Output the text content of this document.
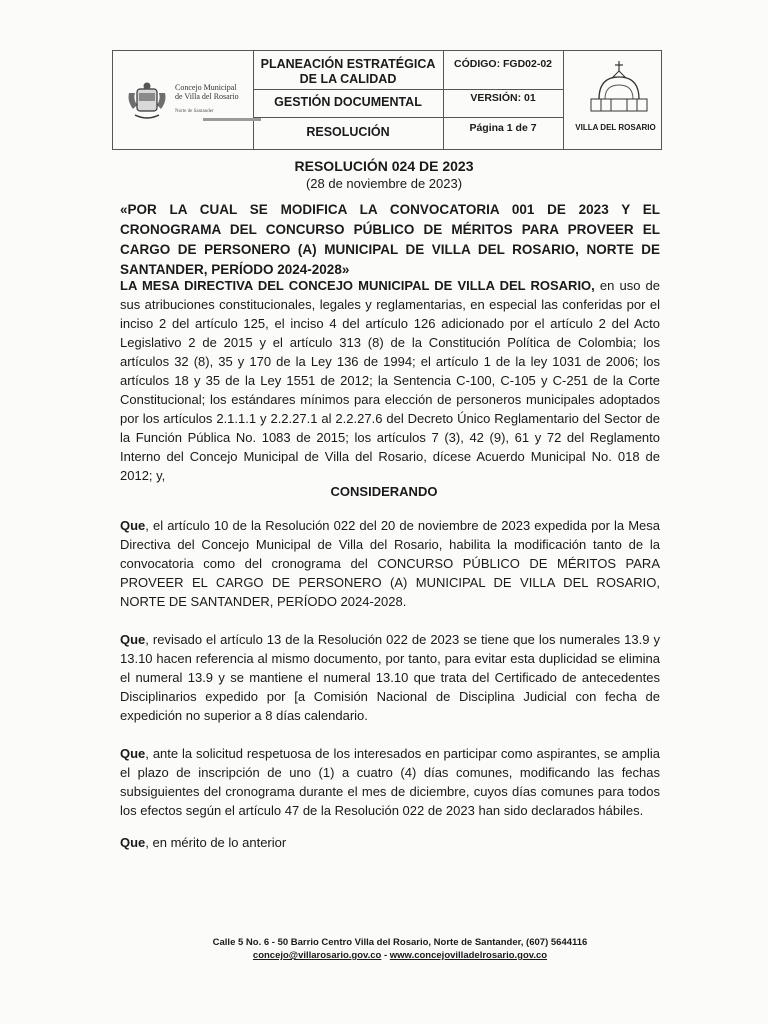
Concejo Municipal
de Villa del Rosario
Norte de Santander
PLANEACIÓN ESTRATÉGICA
DE LA CALIDAD
CÓDIGO: FGD02-02
GESTIÓN DOCUMENTAL	VERSIÓN: 01
RESOLUCIÓN	Página 1 de 7	VILLA DEL ROSARIO
RESOLUCIÓN 024 DE 2023
(28 de noviembre de 2023)
«POR LA CUAL SE MODIFICA LA CONVOCATORIA 001 DE 2023 Y EL CRONOGRAMA DEL CONCURSO PÚBLICO DE MÉRITOS PARA PROVEER EL CARGO DE PERSONERO (A) MUNICIPAL DE VILLA DEL ROSARIO, NORTE DE SANTANDER, PERÍODO 2024-2028»
LA MESA DIRECTIVA DEL CONCEJO MUNICIPAL DE VILLA DEL ROSARIO, en uso de sus atribuciones constitucionales, legales y reglamentarias, en especial las conferidas por el inciso 2 del artículo 125, el inciso 4 del artículo 126 adicionado por el artículo 2 del Acto Legislativo 2 de 2015 y el artículo 313 (8) de la Constitución Política de Colombia; los artículos 32 (8), 35 y 170 de la Ley 136 de 1994; el artículo 1 de la ley 1031 de 2006; los artículos 18 y 35 de la Ley 1551 de 2012; la Sentencia C-100, C-105 y C-251 de la Corte Constitucional; los estándares mínimos para elección de personeros municipales adoptados por los artículos 2.1.1.1 y 2.2.27.1 al 2.2.27.6 del Decreto Único Reglamentario del Sector de la Función Pública No. 1083 de 2015; los artículos 7 (3), 42 (9), 61 y 72 del Reglamento Interno del Concejo Municipal de Villa del Rosario, dícese Acuerdo Municipal No. 018 de 2012; y,
CONSIDERANDO
Que, el artículo 10 de la Resolución 022 del 20 de noviembre de 2023 expedida por la Mesa Directiva del Concejo Municipal de Villa del Rosario, habilita la modificación tanto de la convocatoria como del cronograma del CONCURSO PÚBLICO DE MÉRITOS PARA PROVEER EL CARGO DE PERSONERO (A) MUNICIPAL DE VILLA DEL ROSARIO, NORTE DE SANTANDER, PERÍODO 2024-2028.
Que, revisado el artículo 13 de la Resolución 022 de 2023 se tiene que los numerales 13.9 y 13.10 hacen referencia al mismo documento, por tanto, para evitar esta duplicidad se elimina el numeral 13.9 y se mantiene el numeral 13.10 que trata del Certificado de antecedentes Disciplinarios expedido por [a Comisión Nacional de Disciplina Judicial con fecha de expedición no superior a 8 días calendario.
Que, ante la solicitud respetuosa de los interesados en participar como aspirantes, se amplia el plazo de inscripción de uno (1) a cuatro (4) días comunes, modificando las fechas subsiguientes del cronograma durante el mes de diciembre, cuyos días comunes para todos los efectos según el artículo 47 de la Resolución 022 de 2023 han sido declarados hábiles.
Que, en mérito de lo anterior
Calle 5 No. 6 - 50 Barrio Centro Villa del Rosario, Norte de Santander, (607) 5644116
concejo@villarosario.gov.co - www.concejovilladelrosario.gov.co
